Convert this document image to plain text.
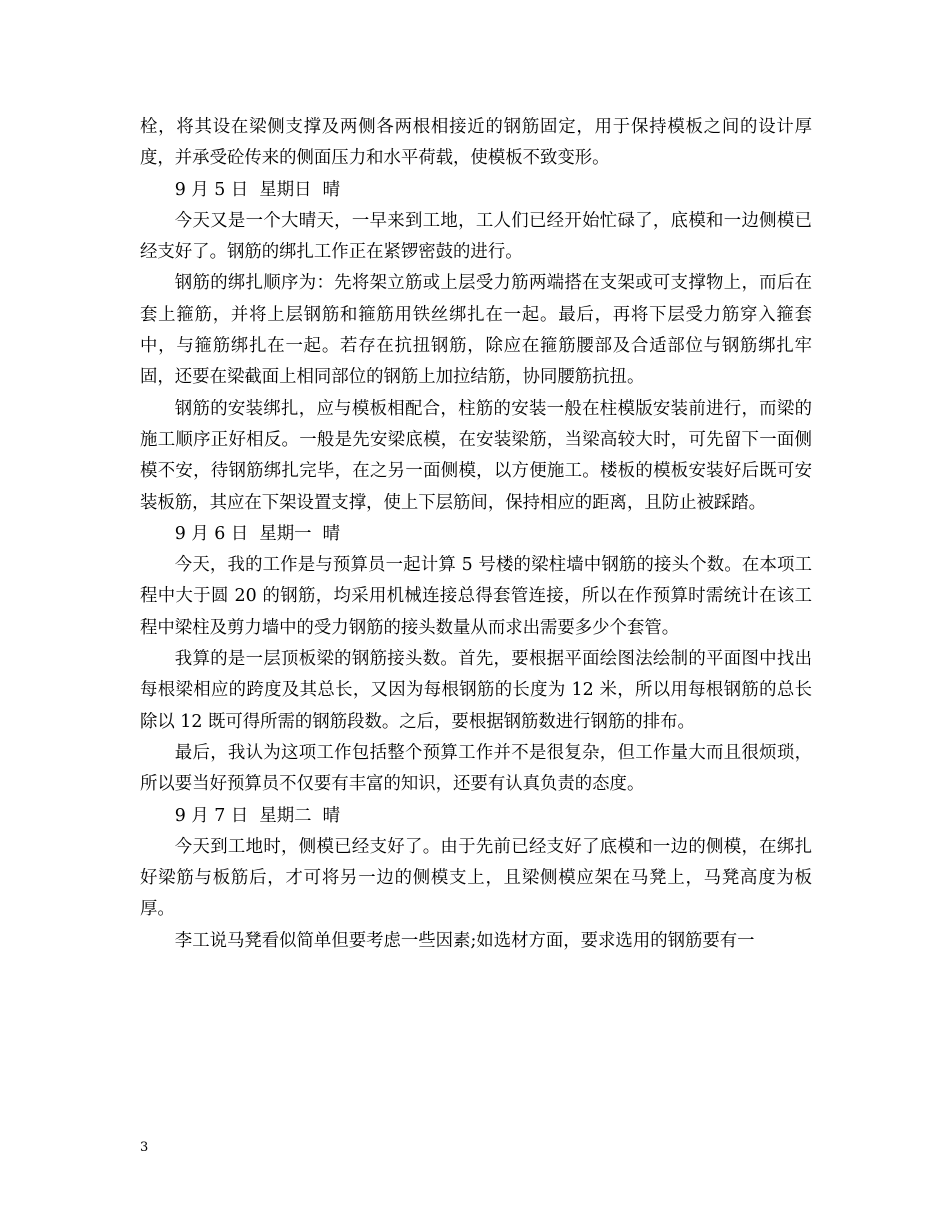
栓，将其设在梁侧支撑及两侧各两根相接近的钢筋固定，用于保持模板之间的设计厚度，并承受砼传来的侧面压力和水平荷载，使模板不致变形。

9 月 5 日  星期日  晴

今天又是一个大晴天，一早来到工地，工人们已经开始忙碌了，底模和一边侧模已经支好了。钢筋的绑扎工作正在紧锣密鼓的进行。

钢筋的绑扎顺序为：先将架立筋或上层受力筋两端搭在支架或可支撑物上，而后在套上箍筋，并将上层钢筋和箍筋用铁丝绑扎在一起。最后，再将下层受力筋穿入箍套中，与箍筋绑扎在一起。若存在抗扭钢筋，除应在箍筋腰部及合适部位与钢筋绑扎牢固，还要在梁截面上相同部位的钢筋上加拉结筋，协同腰筋抗扭。

钢筋的安装绑扎，应与模板相配合，柱筋的安装一般在柱模版安装前进行，而梁的施工顺序正好相反。一般是先安梁底模，在安装梁筋，当梁高较大时，可先留下一面侧模不安，待钢筋绑扎完毕，在之另一面侧模，以方便施工。楼板的模板安装好后既可安装板筋，其应在下架设置支撑，使上下层筋间，保持相应的距离，且防止被踩踏。

9 月 6 日  星期一  晴

今天，我的工作是与预算员一起计算 5 号楼的梁柱墙中钢筋的接头个数。在本项工程中大于圆 20 的钢筋，均采用机械连接总得套管连接，所以在作预算时需统计在该工程中梁柱及剪力墙中的受力钢筋的接头数量从而求出需要多少个套管。

我算的是一层顶板梁的钢筋接头数。首先，要根据平面绘图法绘制的平面图中找出每根梁相应的跨度及其总长，又因为每根钢筋的长度为 12 米，所以用每根钢筋的总长除以 12 既可得所需的钢筋段数。之后，要根据钢筋数进行钢筋的排布。

最后，我认为这项工作包括整个预算工作并不是很复杂，但工作量大而且很烦琐，所以要当好预算员不仅要有丰富的知识，还要有认真负责的态度。

9 月 7 日  星期二  晴

今天到工地时，侧模已经支好了。由于先前已经支好了底模和一边的侧模，在绑扎好梁筋与板筋后，才可将另一边的侧模支上，且梁侧模应架在马凳上，马凳高度为板厚。

李工说马凳看似简单但要考虑一些因素;如选材方面，要求选用的钢筋要有一

3
